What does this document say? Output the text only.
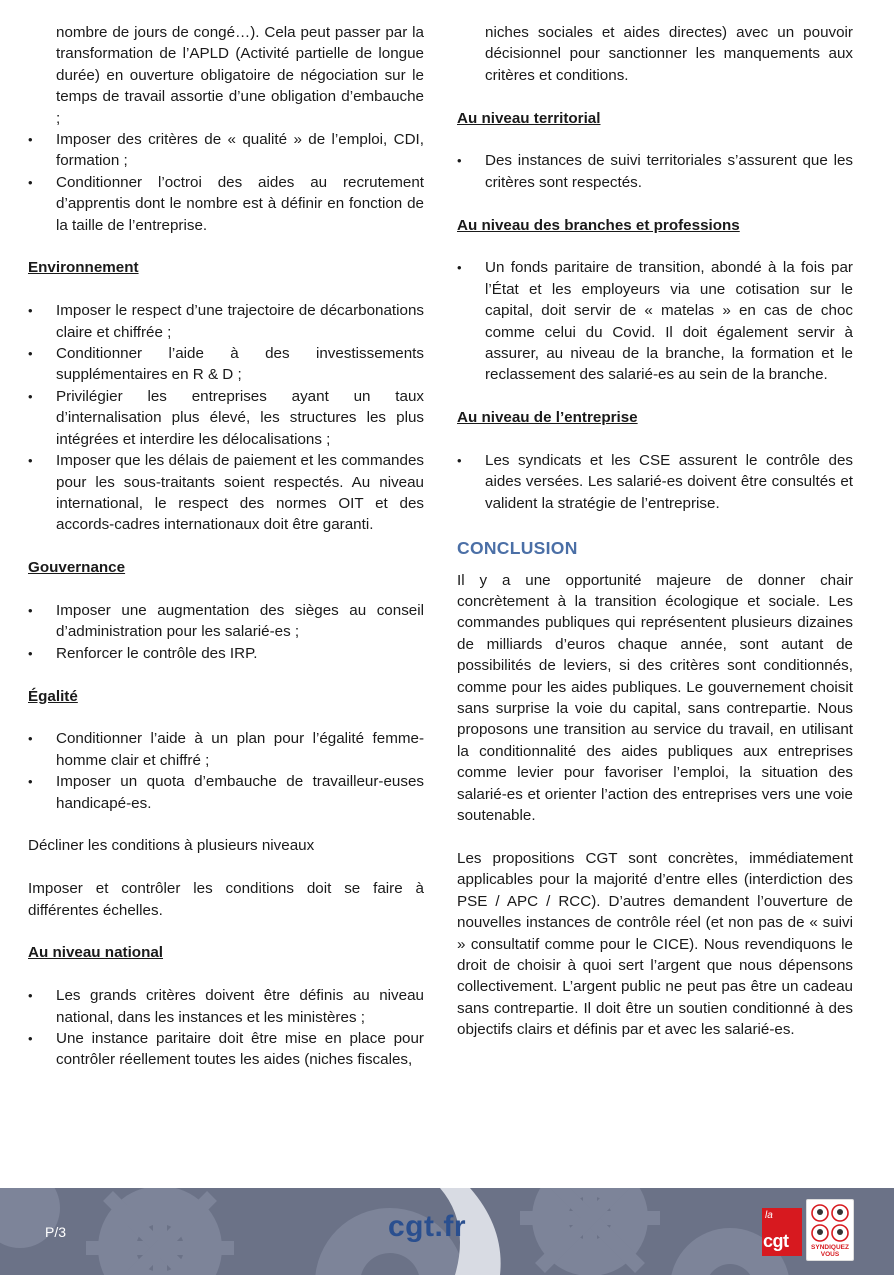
nombre de jours de congé…). Cela peut passer par la transformation de l’APLD (Activité partielle de longue durée) en ouverture obligatoire de négociation sur le temps de travail assortie d’une obligation d’embauche ;

• Imposer des critères de « qualité » de l’emploi, CDI, formation ;
• Conditionner l’octroi des aides au recrutement d’apprentis dont le nombre est à définir en fonction de la taille de l’entreprise.

Environnement

• Imposer le respect d’une trajectoire de décarbonations claire et chiffrée ;
• Conditionner l’aide à des investissements supplémentaires en R & D ;
• Privilégier les entreprises ayant un taux d’internalisation plus élevé, les structures les plus intégrées et interdire les délocalisations ;
• Imposer que les délais de paiement et les commandes pour les sous-traitants soient respectés. Au niveau international, le respect des normes OIT et des accords-cadres internationaux doit être garanti.

Gouvernance

• Imposer une augmentation des sièges au conseil d’administration pour les salarié-es ;
• Renforcer le contrôle des IRP.

Égalité

• Conditionner l’aide à un plan pour l’égalité femme-homme clair et chiffré ;
• Imposer un quota d’embauche de travailleur-euses handicapé-es.

Décliner les conditions à plusieurs niveaux

Imposer et contrôler les conditions doit se faire à différentes échelles.

Au niveau national

• Les grands critères doivent être définis au niveau national, dans les instances et les ministères ;
• Une instance paritaire doit être mise en place pour contrôler réellement toutes les aides (niches fiscales,

niches sociales et aides directes) avec un pouvoir décisionnel pour sanctionner les manquements aux critères et conditions.

Au niveau territorial

• Des instances de suivi territoriales s’assurent que les critères sont respectés.

Au niveau des branches et professions

• Un fonds paritaire de transition, abondé à la fois par l’État et les employeurs via une cotisation sur le capital, doit servir de « matelas » en cas de choc comme celui du Covid. Il doit également servir à assurer, au niveau de la branche, la formation et le reclassement des salarié-es au sein de la branche.

Au niveau de l’entreprise

• Les syndicats et les CSE assurent le contrôle des aides versées. Les salarié-es doivent être consultés et valident la stratégie de l’entreprise.

CONCLUSION

Il y a une opportunité majeure de donner chair concrètement à la transition écologique et sociale. Les commandes publiques qui représentent plusieurs dizaines de milliards d’euros chaque année, sont autant de possibilités de leviers, si des critères sont conditionnés, comme pour les aides publiques. Le gouvernement choisit sans surprise la voie du capital, sans contrepartie. Nous proposons une transition au service du travail, en utilisant la conditionnalité des aides publiques aux entreprises comme levier pour favoriser l’emploi, la situation des salarié-es et orienter l’action des entreprises vers une voie soutenable.

Les propositions CGT sont concrètes, immédiatement applicables pour la majorité d’entre elles (interdiction des PSE / APC / RCC). D’autres demandent l’ouverture de nouvelles instances de contrôle réel (et non pas de « suivi » consultatif comme pour le CICE). Nous revendiquons le droit de choisir à quoi sert l’argent que nous dépensons collectivement. L’argent public ne peut pas être un cadeau sans contrepartie. Il doit être un soutien conditionné à des objectifs clairs et définis par et avec les salarié-es.

P/3	cgt.fr	la
cgt	SYNDIQUEZ VOUS
